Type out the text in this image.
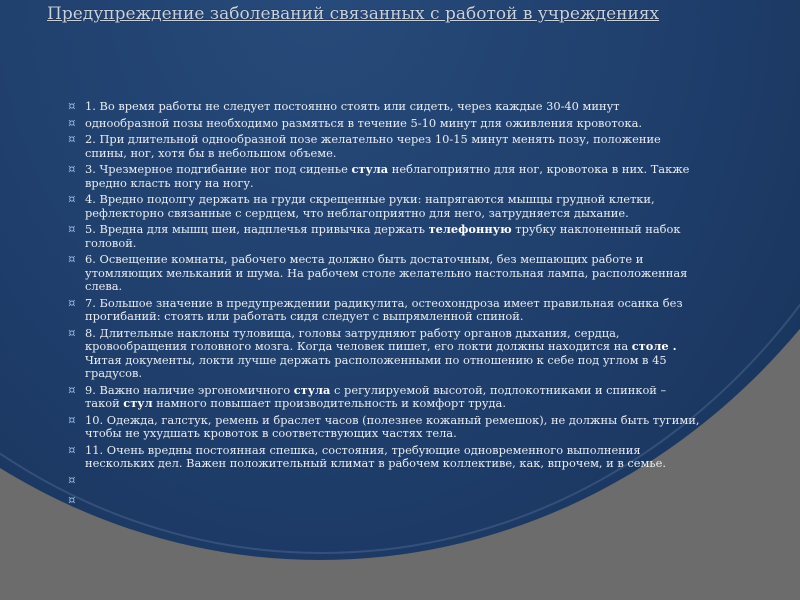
Предупреждение заболеваний связанных с работой в учреждениях
¤ 1. Во время работы не следует постоянно стоять или сидеть, через каждые 30-40 минут
¤ однообразной позы необходимо размяться в течение 5-10 минут для оживления кровотока.
¤ 2. При длительной однообразной позе желательно через 10-15 минут менять позу, положение спины, ног, хотя бы в небольшом объеме.
¤ 3. Чрезмерное подгибание ног под сиденье стула неблагоприятно для ног, кровотока в них. Также вредно класть ногу на ногу.
¤ 4. Вредно подолгу держать на груди скрещенные руки: напрягаются мышцы грудной клетки, рефлекторно связанные с сердцем, что неблагоприятно для него, затрудняется дыхание.
¤ 5. Вредна для мышц шеи, надплечья привычка держать телефонную трубку наклоненный набок головой.
¤ 6. Освещение комнаты, рабочего места должно быть достаточным, без мешающих работе и утомляющих мельканий и шума. На рабочем столе желательно настольная лампа, расположенная слева.
¤ 7. Большое значение в предупреждении радикулита, остеохондроза имеет правильная осанка без прогибаний: стоять или работать сидя следует с выпрямленной спиной.
¤ 8. Длительные наклоны туловища, головы затрудняют работу органов дыхания, сердца, кровообращения головного мозга. Когда человек пишет, его локти должны находится на столе . Читая документы, локти лучше держать расположенными по отношению к себе под углом в 45 градусов.
¤ 9. Важно наличие эргономичного стула с регулируемой высотой, подлокотниками и спинкой – такой стул намного повышает производительность и комфорт труда.
¤ 10. Одежда, галстук, ремень и браслет часов (полезнее кожаный ремешок), не должны быть тугими, чтобы не ухудшать кровоток в соответствующих частях тела.
¤ 11. Очень вредны постоянная спешка, состояния, требующие одновременного выполнения нескольких дел. Важен положительный климат в рабочем коллективе, как, впрочем, и в семье.
¤
¤
